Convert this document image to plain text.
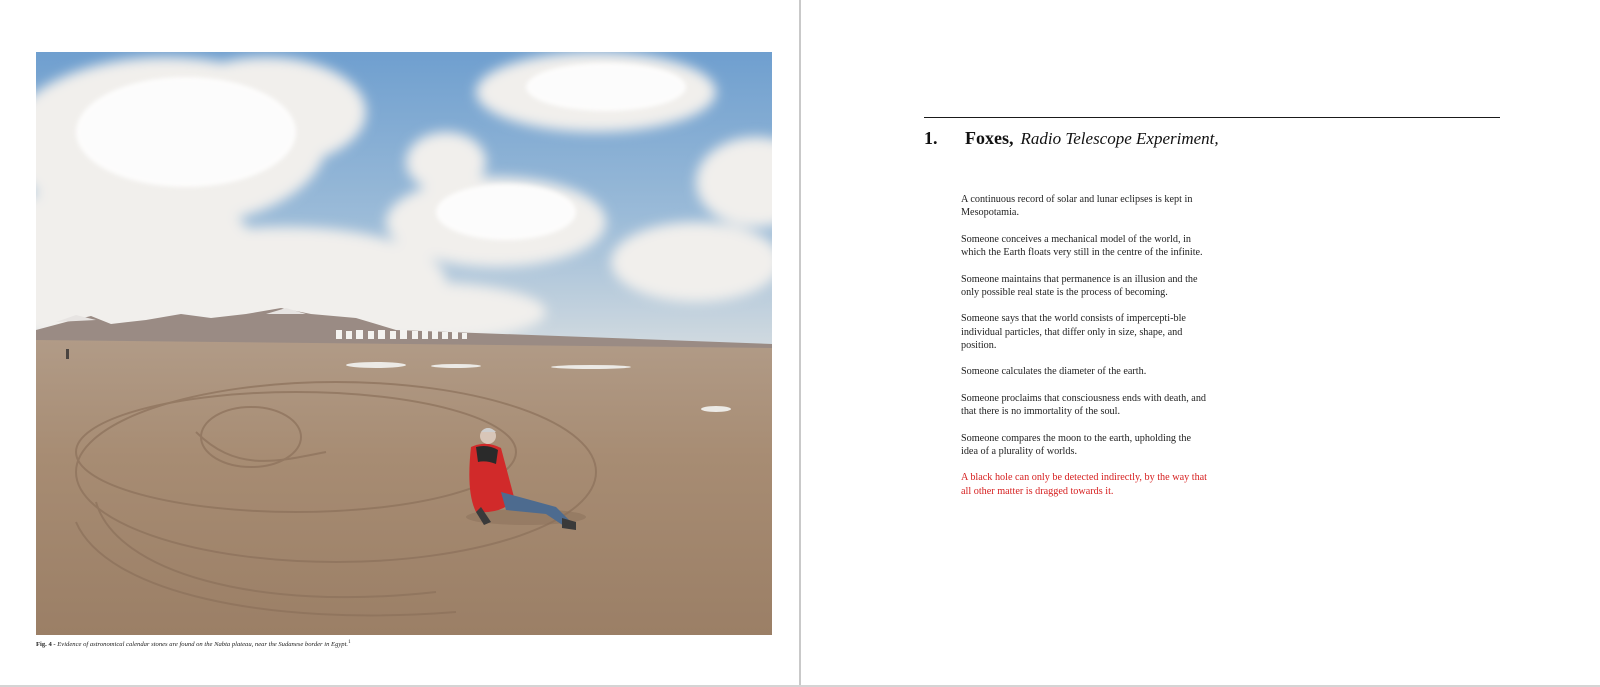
Fig. 4 - Evidence of astronomical calendar stones are found on the Nabta plateau, near the Sudanese border in Egypt.$^1$
1.	Foxes, Radio Telescope Experiment,

A continuous record of solar and lunar eclipses is kept in Mesopotamia.

Someone conceives a mechanical model of the world, in which the Earth floats very still in the centre of the infinite.

Someone maintains that permanence is an illusion and the only possible real state is the process of becoming.

Someone says that the world consists of impercepti-ble individual particles, that differ only in size, shape, and position.

Someone calculates the diameter of the earth.

Someone proclaims that consciousness ends with death, and that there is no immortality of the soul.

Someone compares the moon to the earth, upholding the idea of a plurality of worlds.

A black hole can only be detected indirectly, by the way that all other matter is dragged towards it.
